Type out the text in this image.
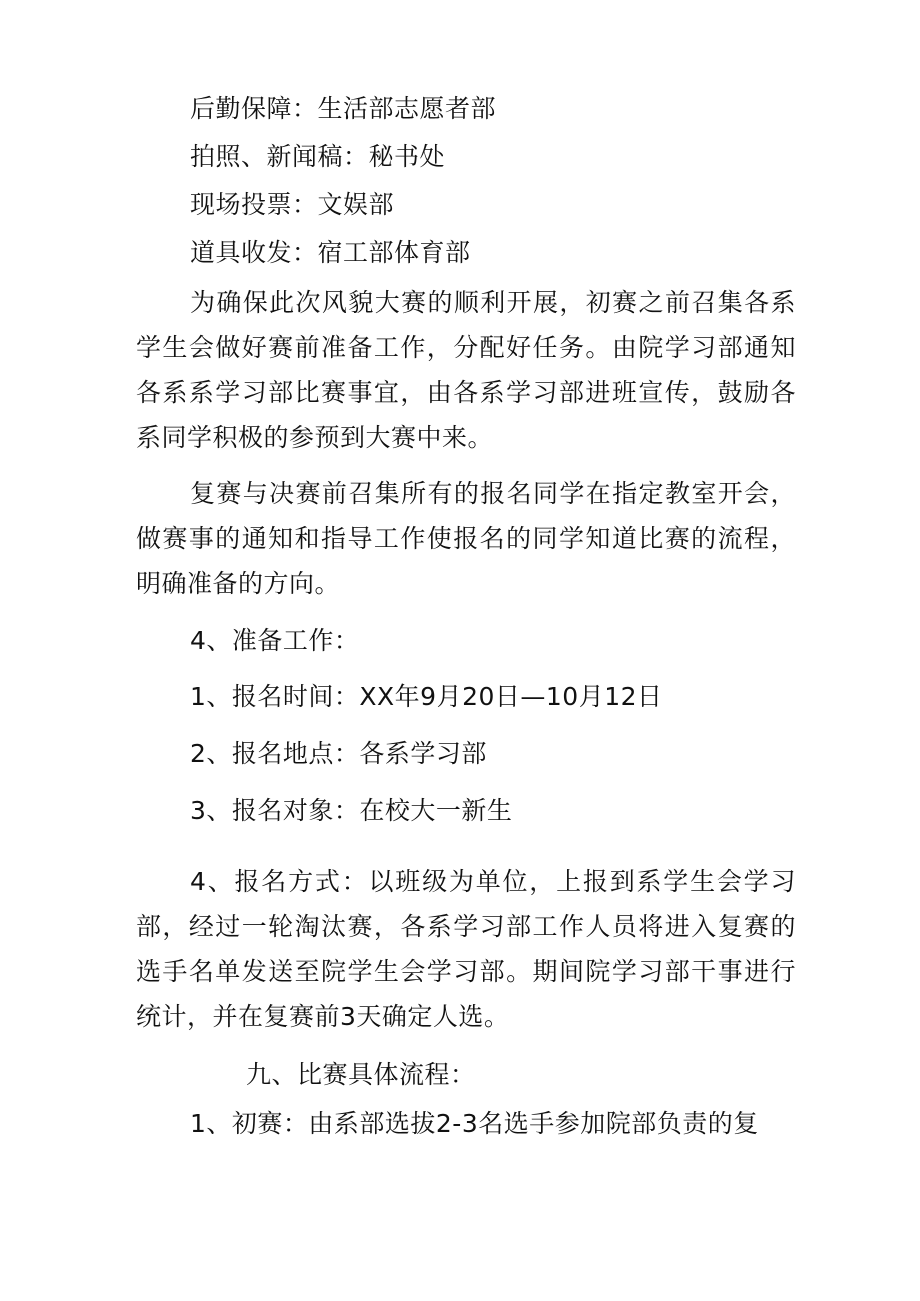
后勤保障：生活部志愿者部
拍照、新闻稿：秘书处
现场投票：文娱部
道具收发：宿工部体育部
为确保此次风貌大赛的顺利开展，初赛之前召集各系学生会做好赛前准备工作，分配好任务。由院学习部通知各系系学习部比赛事宜，由各系学习部进班宣传，鼓励各系同学积极的参预到大赛中来。
复赛与决赛前召集所有的报名同学在指定教室开会，做赛事的通知和指导工作使报名的同学知道比赛的流程，明确准备的方向。
4、准备工作：
1、报名时间：XX年9月20日—10月12日
2、报名地点：各系学习部
3、报名对象：在校大一新生
4、报名方式：以班级为单位，上报到系学生会学习部，经过一轮淘汰赛，各系学习部工作人员将进入复赛的选手名单发送至院学生会学习部。期间院学习部干事进行统计，并在复赛前3天确定人选。
九、比赛具体流程：
1、初赛：由系部选拔2-3名选手参加院部负责的复
